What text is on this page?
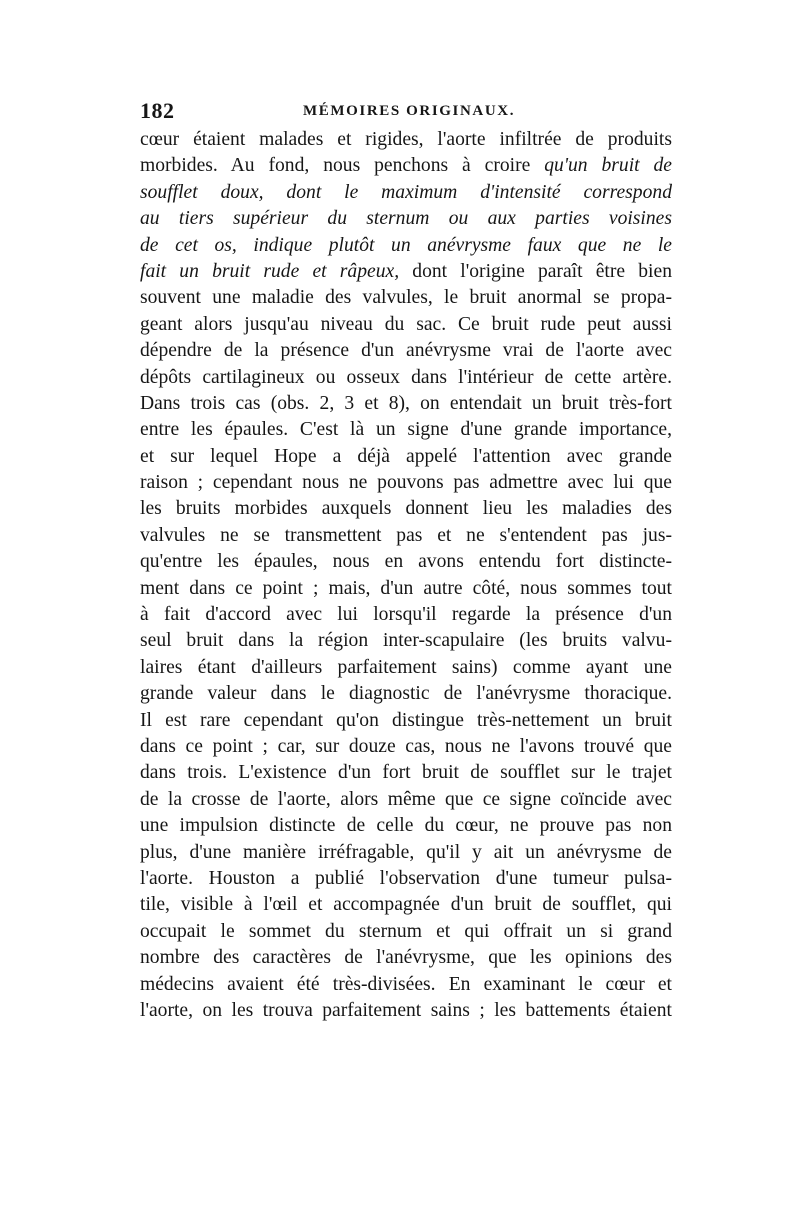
182	MÉMOIRES ORIGINAUX.
cœur étaient malades et rigides, l'aorte infiltrée de produits
morbides. Au fond, nous penchons à croire qu'un bruit de
soufflet doux, dont le maximum d'intensité correspond
au tiers supérieur du sternum ou aux parties voisines
de cet os, indique plutôt un anévrysme faux que ne le
fait un bruit rude et râpeux, dont l'origine paraît être bien
souvent une maladie des valvules, le bruit anormal se propa-
geant alors jusqu'au niveau du sac. Ce bruit rude peut aussi
dépendre de la présence d'un anévrysme vrai de l'aorte avec
dépôts cartilagineux ou osseux dans l'intérieur de cette artère.
Dans trois cas (obs. 2, 3 et 8), on entendait un bruit très-fort
entre les épaules. C'est là un signe d'une grande importance,
et sur lequel Hope a déjà appelé l'attention avec grande
raison ; cependant nous ne pouvons pas admettre avec lui que
les bruits morbides auxquels donnent lieu les maladies des
valvules ne se transmettent pas et ne s'entendent pas jus-
qu'entre les épaules, nous en avons entendu fort distincte-
ment dans ce point ; mais, d'un autre côté, nous sommes tout
à fait d'accord avec lui lorsqu'il regarde la présence d'un
seul bruit dans la région inter-scapulaire (les bruits valvu-
laires étant d'ailleurs parfaitement sains) comme ayant une
grande valeur dans le diagnostic de l'anévrysme thoracique.
Il est rare cependant qu'on distingue très-nettement un bruit
dans ce point ; car, sur douze cas, nous ne l'avons trouvé que
dans trois. L'existence d'un fort bruit de soufflet sur le trajet
de la crosse de l'aorte, alors même que ce signe coïncide avec
une impulsion distincte de celle du cœur, ne prouve pas non
plus, d'une manière irréfragable, qu'il y ait un anévrysme de
l'aorte. Houston a publié l'observation d'une tumeur pulsa-
tile, visible à l'œil et accompagnée d'un bruit de soufflet, qui
occupait le sommet du sternum et qui offrait un si grand
nombre des caractères de l'anévrysme, que les opinions des
médecins avaient été très-divisées. En examinant le cœur et
l'aorte, on les trouva parfaitement sains ; les battements étaient
